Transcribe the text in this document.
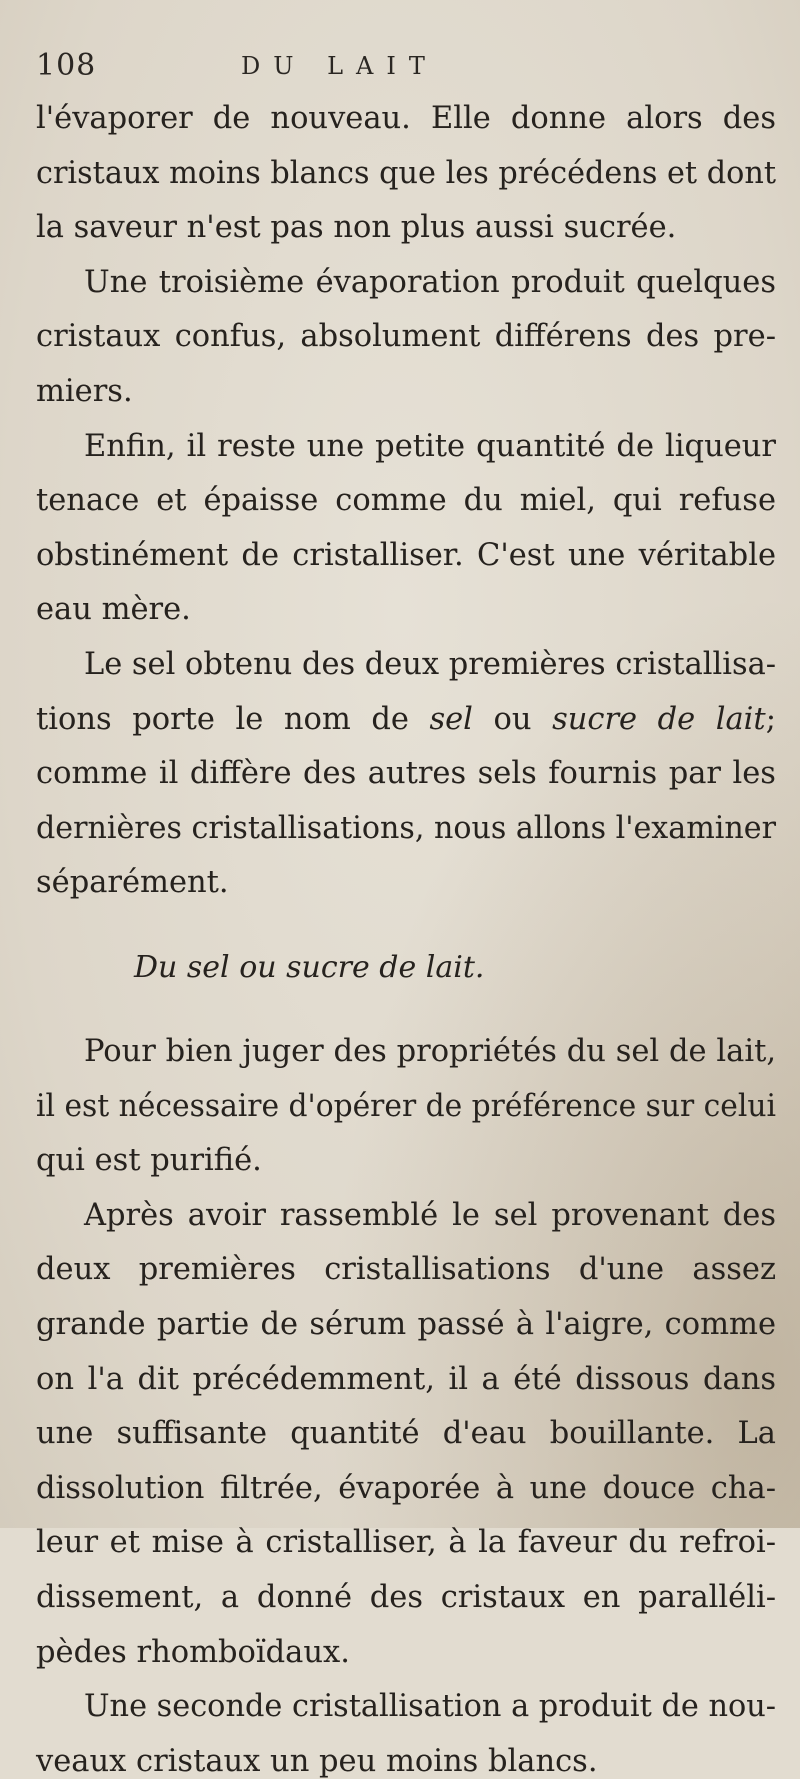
108	DU LAIT
l'évaporer de nouveau. Elle donne alors des
cristaux moins blancs que les précédens et dont
la saveur n'est pas non plus aussi sucrée.
Une troisième évaporation produit quelques
cristaux confus, absolument différens des pre-
miers.
Enfin, il reste une petite quantité de liqueur
tenace et épaisse comme du miel, qui refuse
obstinément de cristalliser. C'est une véritable
eau mère.
Le sel obtenu des deux premières cristallisa-
tions porte le nom de sel ou sucre de lait;
comme il diffère des autres sels fournis par les
dernières cristallisations, nous allons l'examiner
séparément.
Du sel ou sucre de lait.
Pour bien juger des propriétés du sel de lait,
il est nécessaire d'opérer de préférence sur celui
qui est purifié.
Après avoir rassemblé le sel provenant des
deux premières cristallisations d'une assez
grande partie de sérum passé à l'aigre, comme
on l'a dit précédemment, il a été dissous dans
une suffisante quantité d'eau bouillante. La
dissolution filtrée, évaporée à une douce cha-
leur et mise à cristalliser, à la faveur du refroi-
dissement, a donné des cristaux en paralléli-
pèdes rhomboïdaux.
Une seconde cristallisation a produit de nou-
veaux cristaux un peu moins blancs.
